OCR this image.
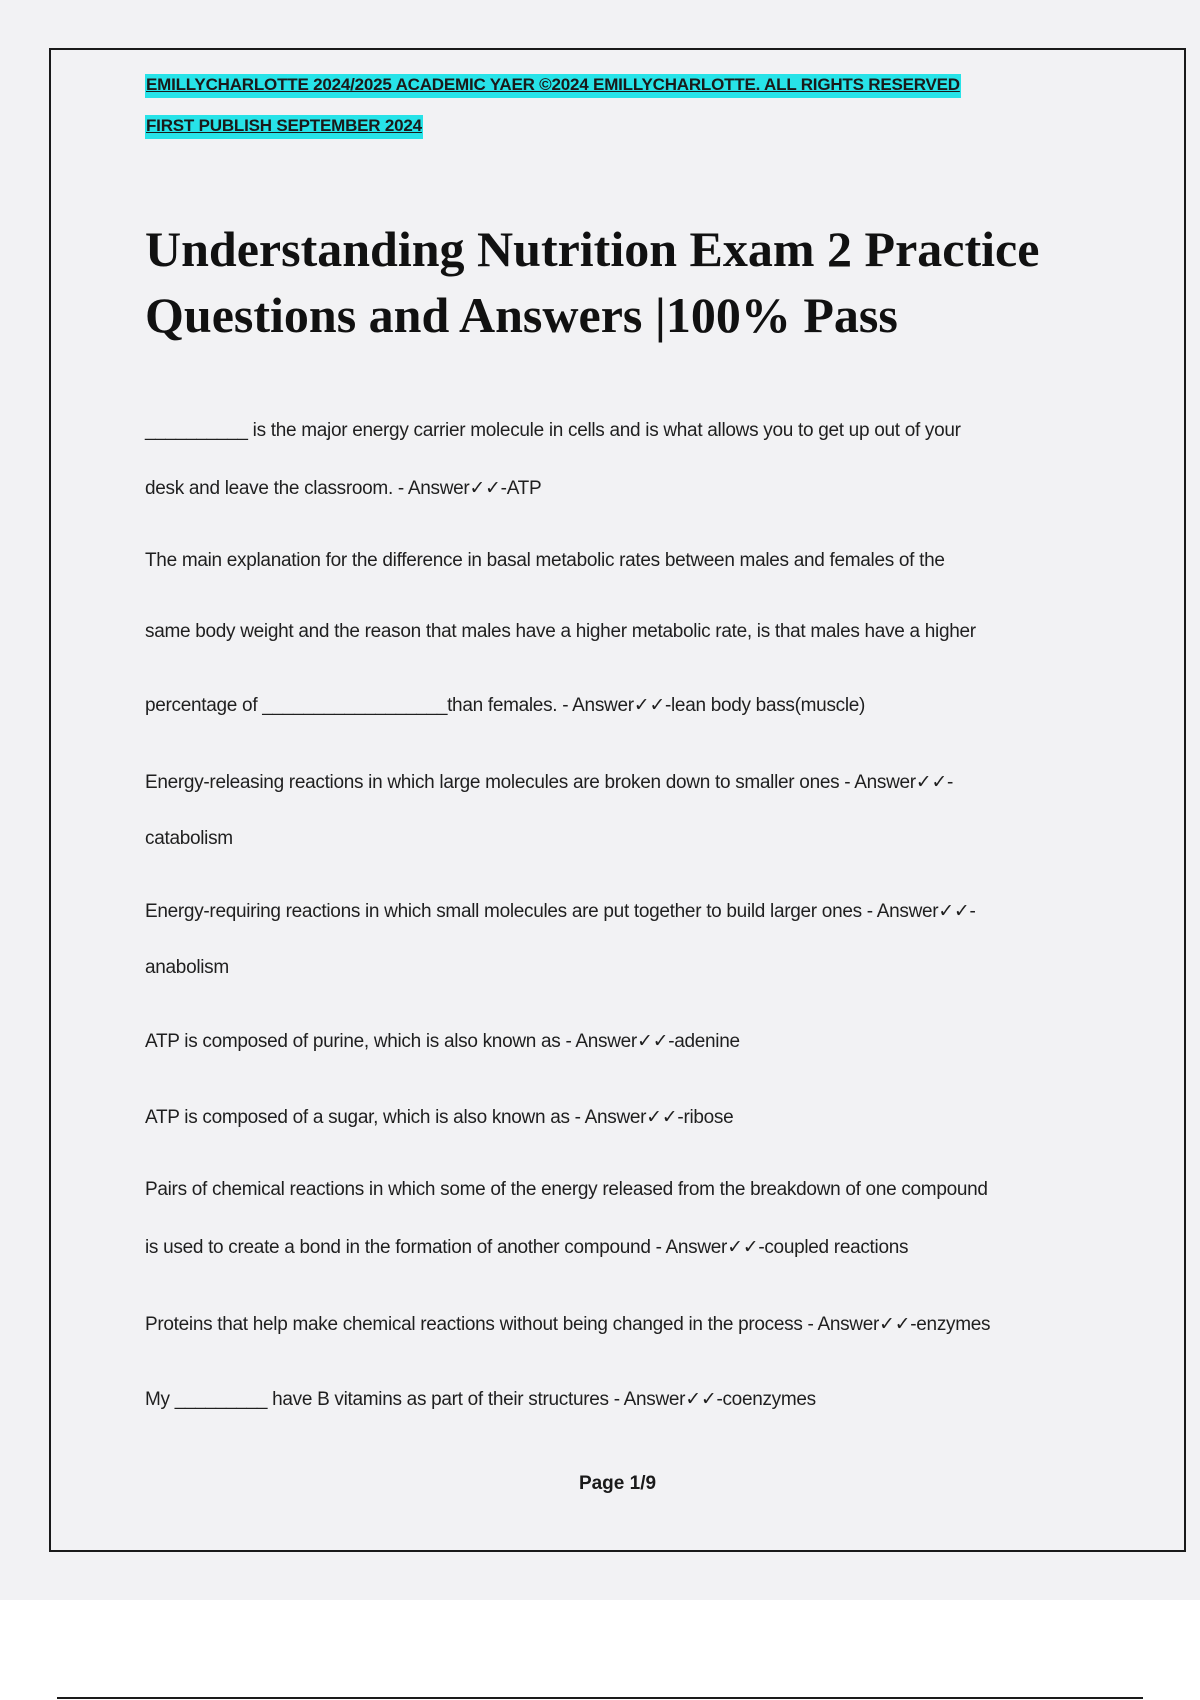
EMILLYCHARLOTTE 2024/2025 ACADEMIC YAER ©2024 EMILLYCHARLOTTE. ALL RIGHTS RESERVED
FIRST PUBLISH SEPTEMBER 2024
Understanding Nutrition Exam 2 Practice
Questions and Answers |100% Pass
__________ is the major energy carrier molecule in cells and is what allows you to get up out of your
desk and leave the classroom. - Answer✓✓-ATP
The main explanation for the difference in basal metabolic rates between males and females of the
same body weight and the reason that males have a higher metabolic rate, is that males have a higher
percentage of __________________than females. - Answer✓✓-lean body bass(muscle)
Energy-releasing reactions in which large molecules are broken down to smaller ones - Answer✓✓-
catabolism
Energy-requiring reactions in which small molecules are put together to build larger ones - Answer✓✓-
anabolism
ATP is composed of purine, which is also known as - Answer✓✓-adenine
ATP is composed of a sugar, which is also known as - Answer✓✓-ribose
Pairs of chemical reactions in which some of the energy released from the breakdown of one compound
is used to create a bond in the formation of another compound - Answer✓✓-coupled reactions
Proteins that help make chemical reactions without being changed in the process - Answer✓✓-enzymes
My _________ have B vitamins as part of their structures - Answer✓✓-coenzymes
Page 1/9
